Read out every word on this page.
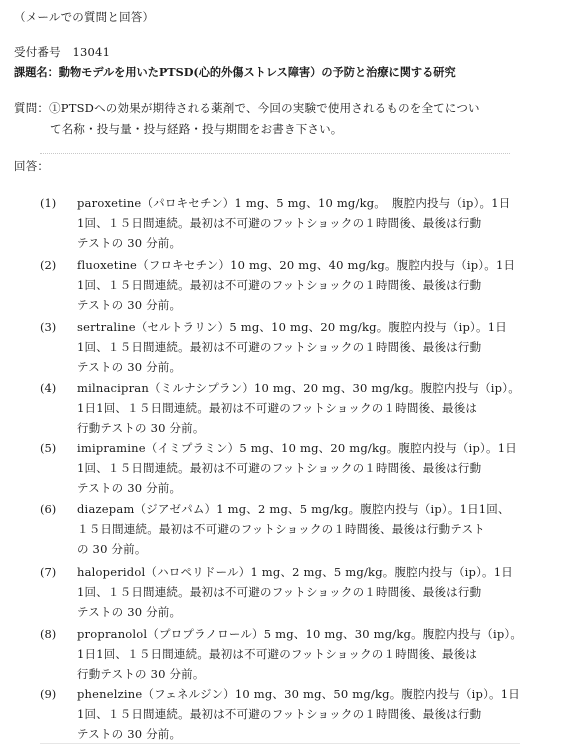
（メールでの質問と回答）
受付番号　13041
課題名：動物モデルを用いたPTSD(心的外傷ストレス障害）の予防と治療に関する研究
質問：①PTSDへの効果が期待される薬剤で、今回の実験で使用されるものを全てについ
て名称・投与量・投与経路・投与期間をお書き下さい。
回答：
(1) paroxetine（パロキセチン）1 mg、5 mg、10 mg/kg。　腹腔内投与（ip）。1日
1回、１５日間連続。最初は不可避のフットショックの１時間後、最後は行動
テストの 30 分前。
(2) fluoxetine（フロキセチン）10 mg、20 mg、40 mg/kg。腹腔内投与（ip）。1日
1回、１５日間連続。最初は不可避のフットショックの１時間後、最後は行動
テストの 30 分前。
(3) sertraline（セルトラリン）5 mg、10 mg、20 mg/kg。腹腔内投与（ip）。1日
1回、１５日間連続。最初は不可避のフットショックの１時間後、最後は行動
テストの 30 分前。
(4) milnacipran（ミルナシプラン）10 mg、20 mg、30 mg/kg。腹腔内投与（ip）。
1日1回、１５日間連続。最初は不可避のフットショックの１時間後、最後は
行動テストの 30 分前。
(5) imipramine（イミプラミン）5 mg、10 mg、20 mg/kg。腹腔内投与（ip）。1日
1回、１５日間連続。最初は不可避のフットショックの１時間後、最後は行動
テストの 30 分前。
(6) diazepam（ジアゼパム）1 mg、2 mg、5 mg/kg。腹腔内投与（ip）。1日1回、
１５日間連続。最初は不可避のフットショックの１時間後、最後は行動テスト
の 30 分前。
(7) haloperidol（ハロペリドール）1 mg、2 mg、5 mg/kg。腹腔内投与（ip）。1日
1回、１５日間連続。最初は不可避のフットショックの１時間後、最後は行動
テストの 30 分前。
(8) propranolol（プロプラノロール）5 mg、10 mg、30 mg/kg。腹腔内投与（ip）。
1日1回、１５日間連続。最初は不可避のフットショックの１時間後、最後は
行動テストの 30 分前。
(9) phenelzine（フェネルジン）10 mg、30 mg、50 mg/kg。腹腔内投与（ip）。1日
1回、１５日間連続。最初は不可避のフットショックの１時間後、最後は行動
テストの 30 分前。
